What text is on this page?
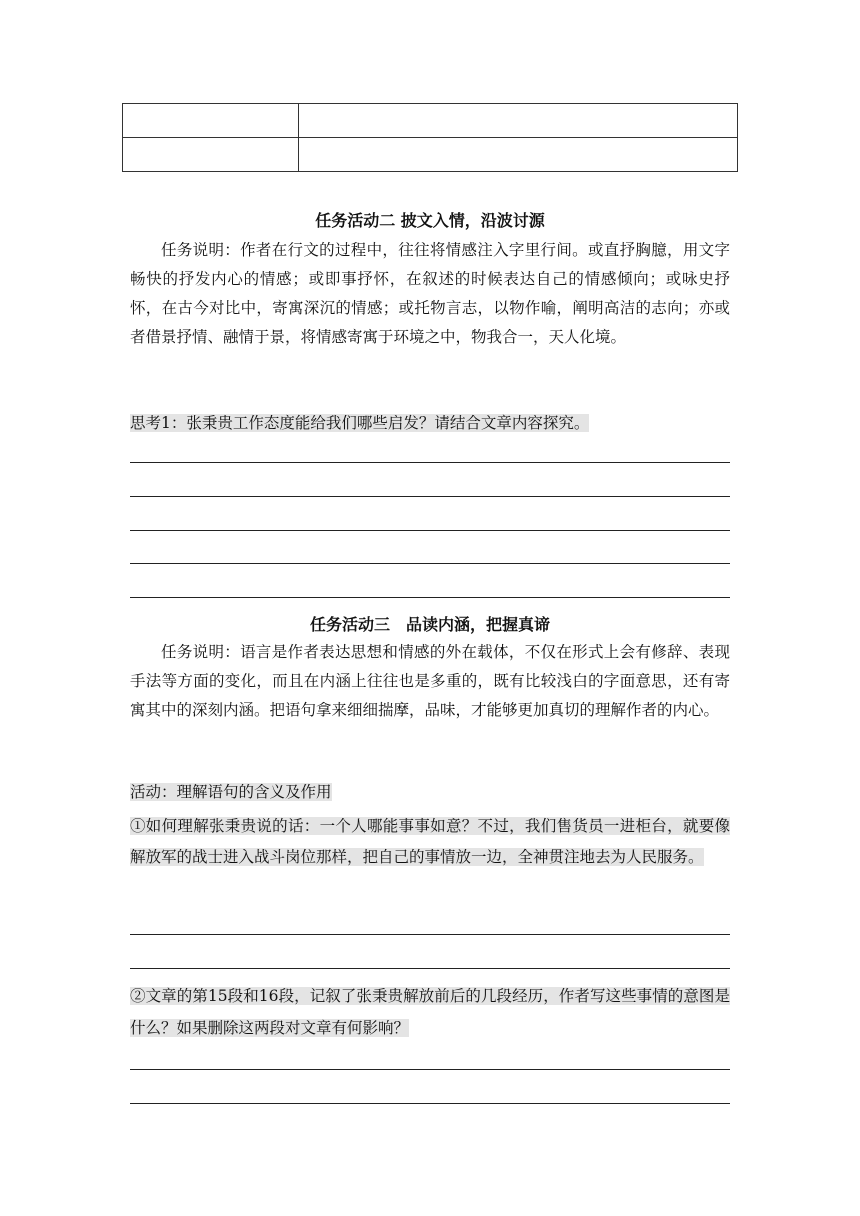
任务活动二 披文入情，沿波讨源
任务说明：作者在行文的过程中，往往将情感注入字里行间。或直抒胸臆，用文字畅快的抒发内心的情感；或即事抒怀，在叙述的时候表达自己的情感倾向；或咏史抒怀，在古今对比中，寄寓深沉的情感；或托物言志，以物作喻，阐明高洁的志向；亦或者借景抒情、融情于景，将情感寄寓于环境之中，物我合一，天人化境。
思考1：张秉贵工作态度能给我们哪些启发？请结合文章内容探究。
任务活动三　品读内涵，把握真谛
任务说明：语言是作者表达思想和情感的外在载体，不仅在形式上会有修辞、表现手法等方面的变化，而且在内涵上往往也是多重的，既有比较浅白的字面意思，还有寄寓其中的深刻内涵。把语句拿来细细揣摩，品味，才能够更加真切的理解作者的内心。
活动：理解语句的含义及作用
①如何理解张秉贵说的话：一个人哪能事事如意？不过，我们售货员一进柜台，就要像解放军的战士进入战斗岗位那样，把自己的事情放一边，全神贯注地去为人民服务。
②文章的第15段和16段，记叙了张秉贵解放前后的几段经历，作者写这些事情的意图是什么？如果删除这两段对文章有何影响？
